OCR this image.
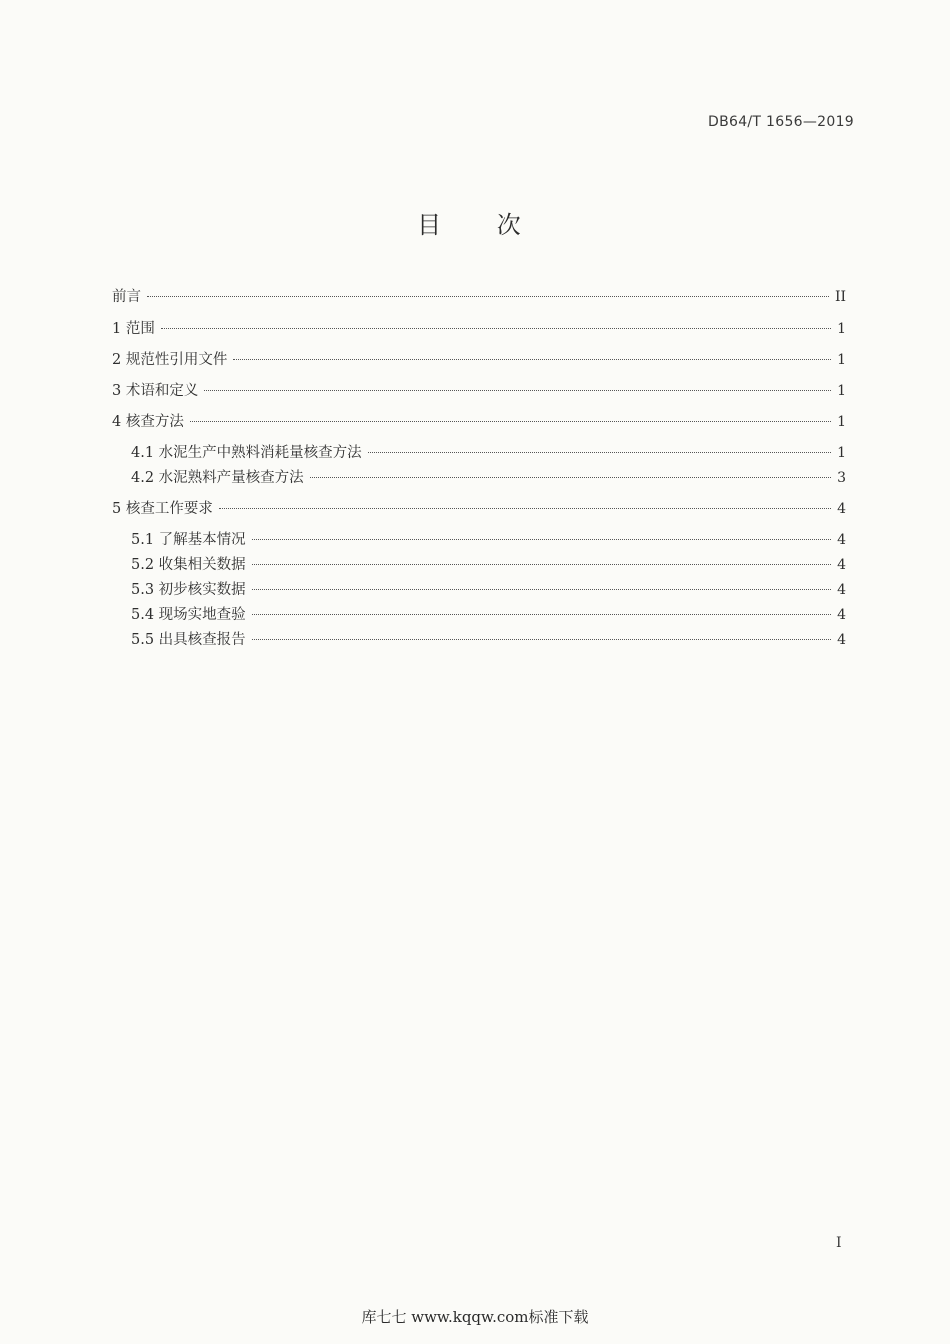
DB64/T 1656—2019
目 次
前言	II
1 范围	1
2 规范性引用文件	1
3 术语和定义	1
4 核查方法	1
4.1 水泥生产中熟料消耗量核查方法	1
4.2 水泥熟料产量核查方法	3
5 核查工作要求	4
5.1 了解基本情况	4
5.2 收集相关数据	4
5.3 初步核实数据	4
5.4 现场实地查验	4
5.5 出具核查报告	4
I
库七七 www.kqqw.com标准下载
